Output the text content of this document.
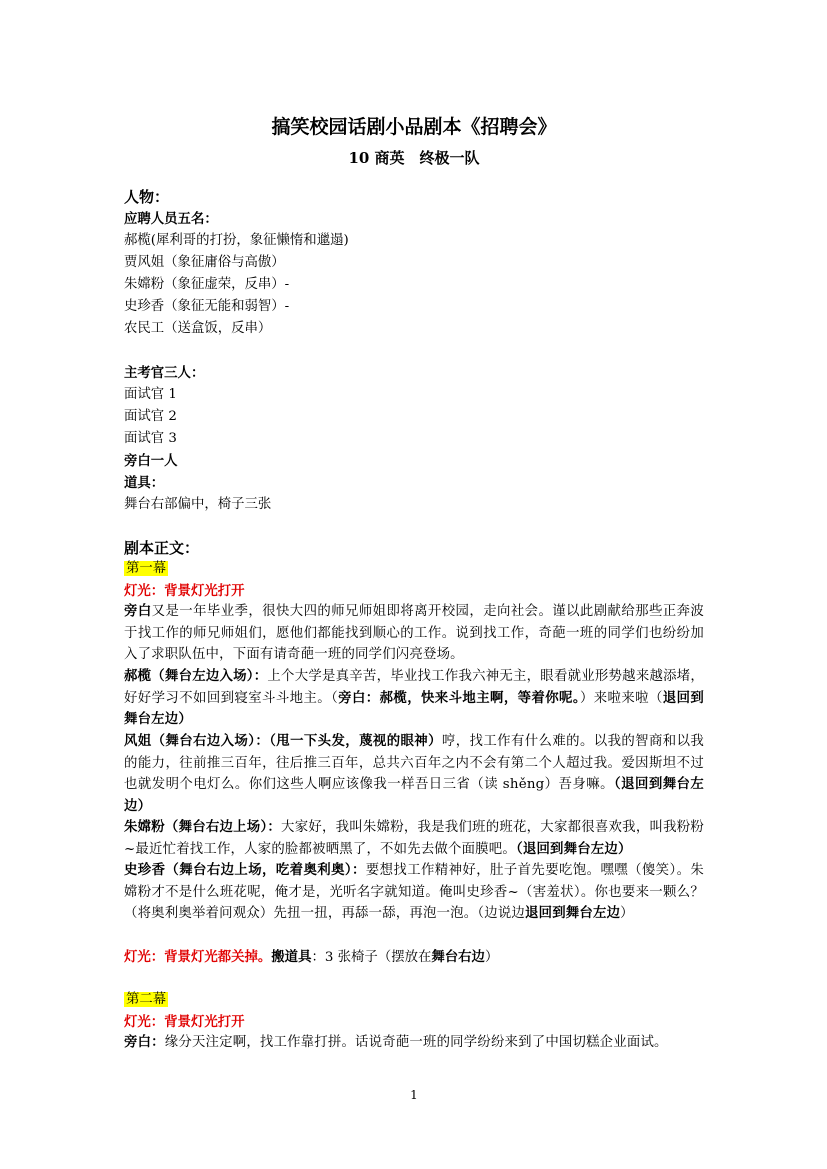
搞笑校园话剧小品剧本《招聘会》
10 商英　终极一队
人物：
应聘人员五名：
郝榄(犀利哥的打扮，象征懒惰和邋遢)
贾风姐（象征庸俗与高傲）
朱嫦粉（象征虚荣，反串）-
史珍香（象征无能和弱智）-
农民工（送盒饭，反串）
主考官三人：
面试官 1
面试官 2
面试官 3
旁白一人
道具：
舞台右部偏中，椅子三张
剧本正文：
第一幕
灯光：背景灯光打开
旁白又是一年毕业季，很快大四的师兄师姐即将离开校园，走向社会。谨以此剧献给那些正奔波于找工作的师兄师姐们，愿他们都能找到顺心的工作。说到找工作，奇葩一班的同学们也纷纷加入了求职队伍中，下面有请奇葩一班的同学们闪亮登场。
郝榄（舞台左边入场）：上个大学是真辛苦，毕业找工作我六神无主，眼看就业形势越来越添堵，好好学习不如回到寝室斗斗地主。（旁白：郝榄，快来斗地主啊，等着你呢。）来啦来啦（退回到舞台左边）
风姐（舞台右边入场）：（甩一下头发，蔑视的眼神）哼，找工作有什么难的。以我的智商和以我的能力，往前推三百年，往后推三百年，总共六百年之内不会有第二个人超过我。爱因斯坦不过也就发明个电灯么。你们这些人啊应该像我一样吾日三省（读 shěng）吾身嘛。（退回到舞台左边）
朱嫦粉（舞台右边上场）：大家好，我叫朱嫦粉，我是我们班的班花，大家都很喜欢我，叫我粉粉~最近忙着找工作，人家的脸都被晒黑了，不如先去做个面膜吧。（退回到舞台左边）
史珍香（舞台右边上场，吃着奥利奥）：要想找工作精神好，肚子首先要吃饱。嘿嘿（傻笑）。朱嫦粉才不是什么班花呢，俺才是，光听名字就知道。俺叫史珍香~（害羞状）。你也要来一颗么？（将奥利奥举着问观众）先扭一扭，再舔一舔，再泡一泡。（边说边退回到舞台左边）
灯光：背景灯光都关掉。搬道具：3 张椅子（摆放在舞台右边）
第二幕
灯光：背景灯光打开
旁白：缘分天注定啊，找工作靠打拼。话说奇葩一班的同学纷纷来到了中国切糕企业面试。
1
